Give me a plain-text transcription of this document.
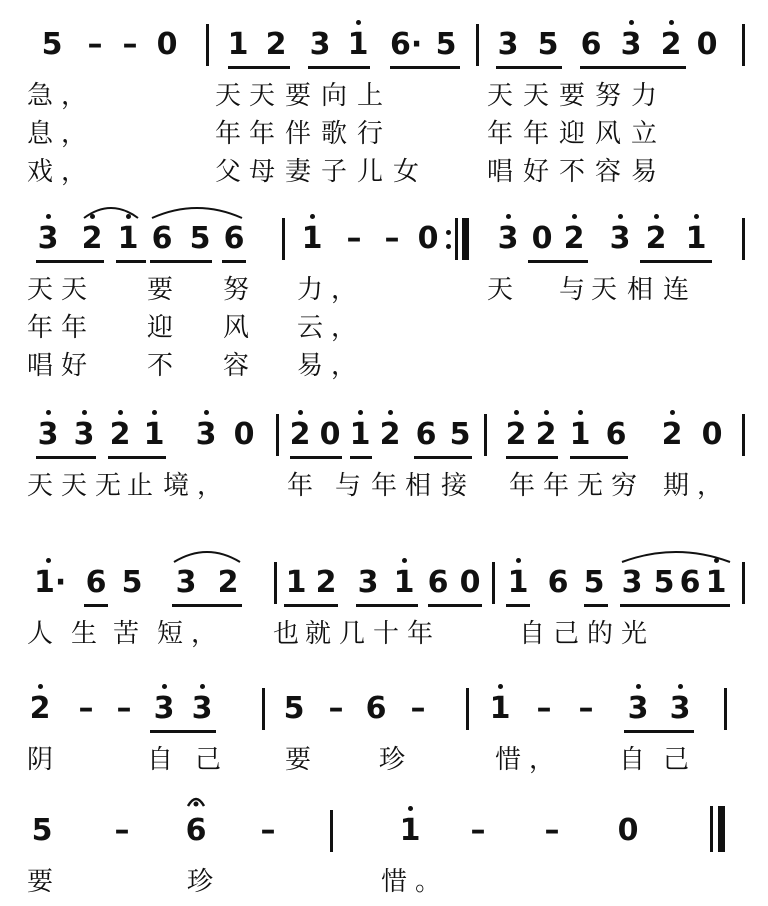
5 – – 0 1 2 3 1 6· 5 3 5 6 3 2 0
急 ，	天 天 要 向 上	天 天 要 努 力
息 ，	年 年 伴 歌 行	年 年 迎 风 立
戏 ，	父 母 妻 子 儿 女	唱 好 不 容 易
3 2 1 6 5 6 1 – – 0 3 0 2 3 2 1
天 天 要 努 力 ，	天 与 天 相 连
年 年 迎 风 云 ，
唱 好 不 容 易 ，
3 3 2 1 3 0 2 0 1 2 6 5 2 2 1 6 2 0
天 天 无 止 境 ， 年 与 年 相 接 年 年 无 穷 期 ，
1· 6 5 3 2 1 2 3 1 6 0 1 6 5 3 5 6 1
人 生 苦 短 ， 也 就 几 十 年	自 己 的 光
2 – – 3 3 5 – 6 – 1 – – 3 3
阴	自 己 要	珍	惜 ， 自 己
5 – 6 –	1 – – 0
要	珍	惜 。
